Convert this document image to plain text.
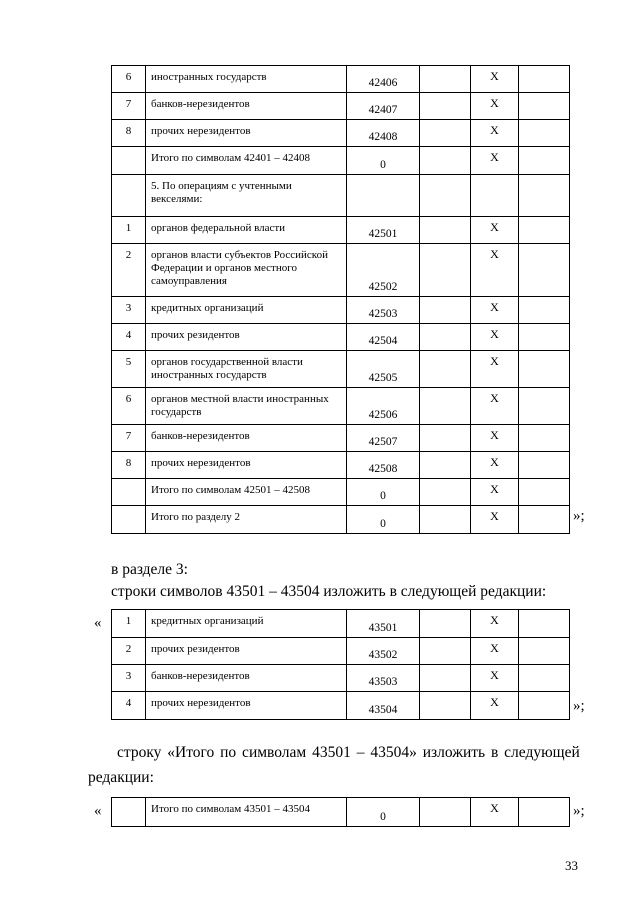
6	иностранных государств	42406		X	
7	банков-нерезидентов	42407		X	
8	прочих нерезидентов	42408		X	
	Итого по символам 42401 – 42408	0		X	
	5. По операциям с учтенными векселями:				
1	органов федеральной власти	42501		X	
2	органов власти субъектов Российской Федерации и органов местного самоуправления	42502		X	
3	кредитных организаций	42503		X	
4	прочих резидентов	42504		X	
5	органов государственной власти иностранных государств	42505		X	
6	органов местной власти иностранных государств	42506		X	
7	банков-нерезидентов	42507		X	
8	прочих нерезидентов	42508		X	
	Итого по символам 42501 – 42508	0		X	
	Итого по разделу 2	0		X		»;
в разделе 3:
строки символов 43501 – 43504 изложить в следующей редакции:
« 1	кредитных организаций	43501		X	
2	прочих резидентов	43502		X	
3	банков-нерезидентов	43503		X	
4	прочих нерезидентов	43504		X		»;
строку «Итого по символам 43501 – 43504» изложить в следующей
редакции:
«
		Итого по символам 43501 – 43504	0		X		»;
33
